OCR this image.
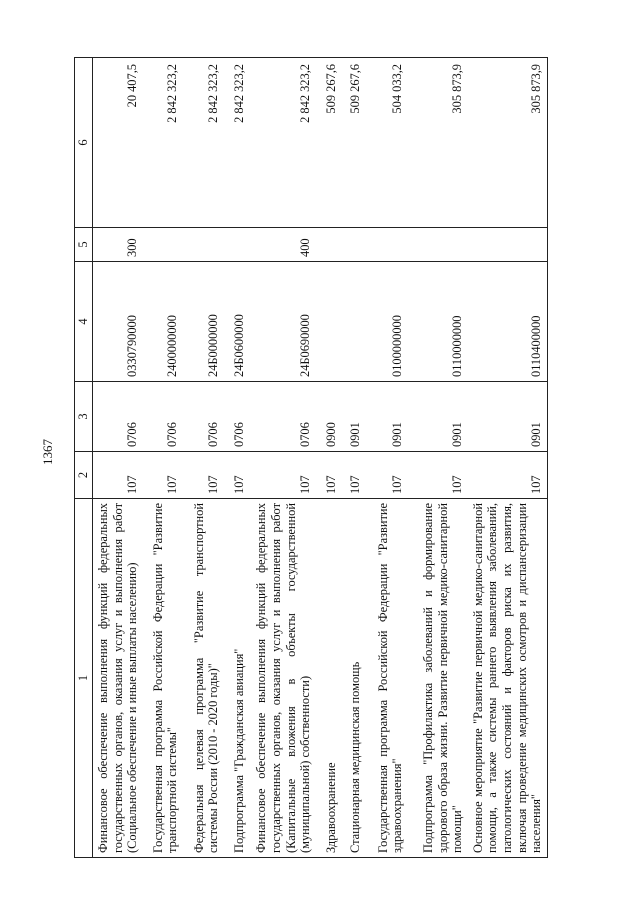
1367
1	2	3	4	5	6
Финансовое обеспечение выполнения функций федеральных государственных органов, оказания услуг и выполнения работ (Социальное обеспечение и иные выплаты населению)	107	0706	0330790000	300	20 407,5
Государственная программа Российской Федерации "Развитие транспортной системы"	107	0706	2400000000		2 842 323,2
Федеральная целевая программа "Развитие транспортной системы России (2010 - 2020 годы)"	107	0706	24Б0000000		2 842 323,2
Подпрограмма "Гражданская авиация"	107	0706	24Б0600000		2 842 323,2
Финансовое обеспечение выполнения функций федеральных государственных органов, оказания услуг и выполнения работ (Капитальные вложения в объекты государственной (муниципальной) собственности)	107	0706	24Б0690000	400	2 842 323,2
Здравоохранение	107	0900			509 267,6
Стационарная медицинская помощь	107	0901			509 267,6
Государственная программа Российской Федерации "Развитие здравоохранения"	107	0901	0100000000		504 033,2
Подпрограмма "Профилактика заболеваний и формирование здорового образа жизни. Развитие первичной медико-санитарной помощи"	107	0901	0110000000		305 873,9
Основное мероприятие "Развитие первичной медико-санитарной помощи, а также системы раннего выявления заболеваний, патологических состояний и факторов риска их развития, включая проведение медицинских осмотров и диспансеризации населения"	107	0901	0110400000		305 873,9
